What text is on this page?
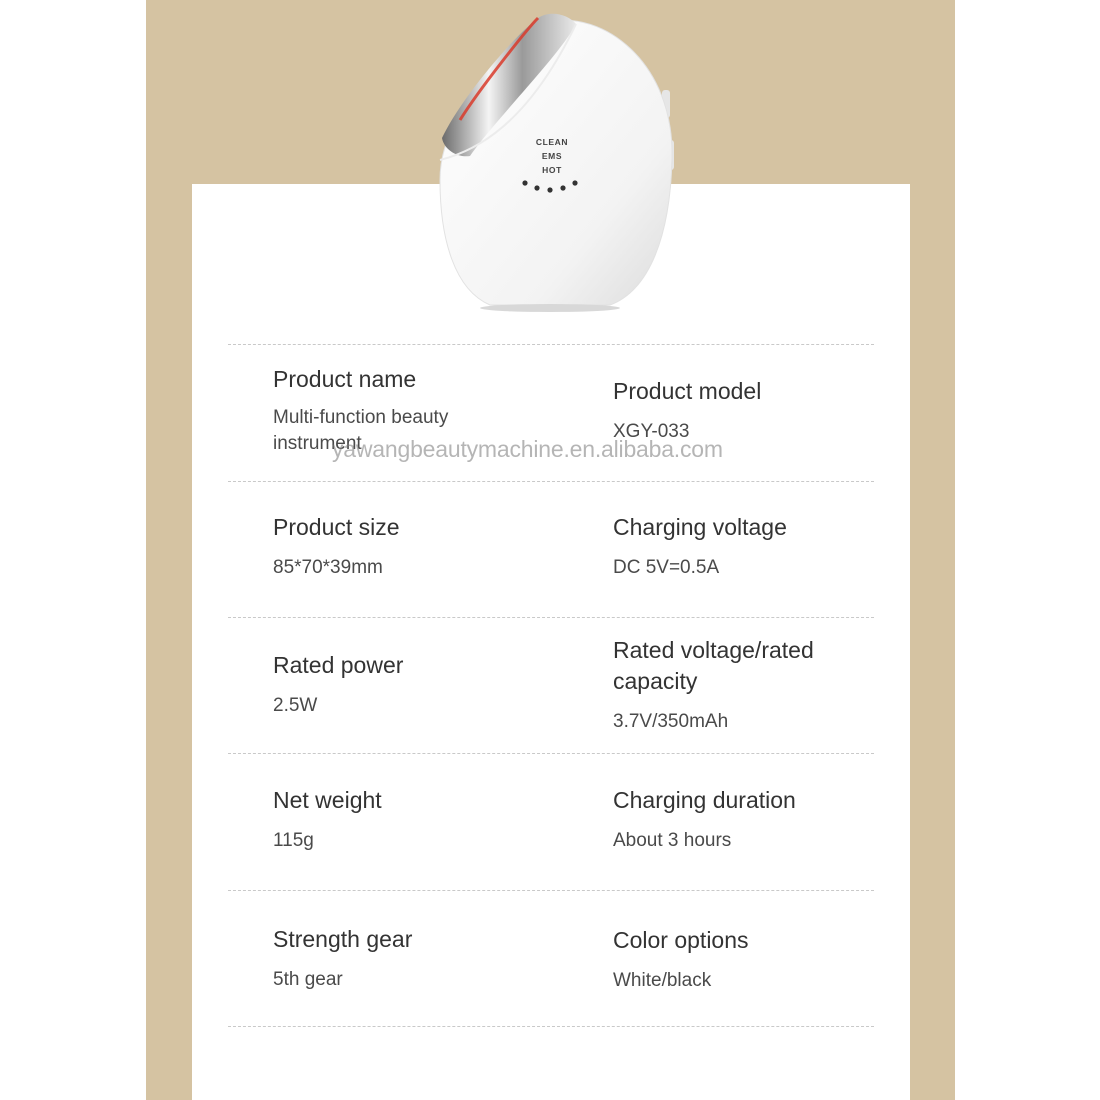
CLEAN
EMS
HOT
Product name
Multi-function beauty instrument
Product model
XGY-033
Product size
85*70*39mm
Charging voltage
DC 5V=0.5A
Rated power
2.5W
Rated voltage/rated capacity
3.7V/350mAh
Net weight
115g
Charging duration
About 3 hours
Strength gear
5th gear
Color options
White/black
yawangbeautymachine.en.alibaba.com
